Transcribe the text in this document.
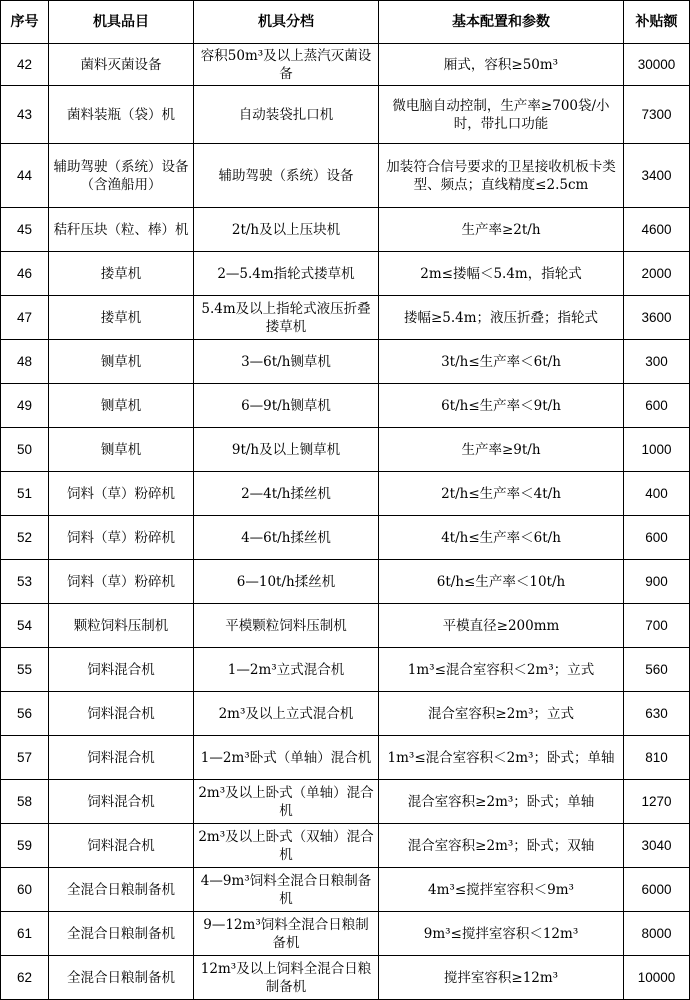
序号	机具品目	机具分档	基本配置和参数	补贴额
42	菌料灭菌设备	容积50m³及以上蒸汽灭菌设备	厢式，容积≥50m³	30000
43	菌料装瓶（袋）机	自动装袋扎口机	微电脑自动控制，生产率≥700袋/小时，带扎口功能	7300
44	辅助驾驶（系统）设备（含渔船用）	辅助驾驶（系统）设备	加装符合信号要求的卫星接收机板卡类型、频点；直线精度≤2.5cm	3400
45	秸秆压块（粒、棒）机	2t/h及以上压块机	生产率≥2t/h	4600
46	搂草机	2—5.4m指轮式搂草机	2m≤搂幅＜5.4m，指轮式	2000
47	搂草机	5.4m及以上指轮式液压折叠搂草机	搂幅≥5.4m；液压折叠；指轮式	3600
48	铡草机	3—6t/h铡草机	3t/h≤生产率＜6t/h	300
49	铡草机	6—9t/h铡草机	6t/h≤生产率＜9t/h	600
50	铡草机	9t/h及以上铡草机	生产率≥9t/h	1000
51	饲料（草）粉碎机	2—4t/h揉丝机	2t/h≤生产率＜4t/h	400
52	饲料（草）粉碎机	4—6t/h揉丝机	4t/h≤生产率＜6t/h	600
53	饲料（草）粉碎机	6—10t/h揉丝机	6t/h≤生产率＜10t/h	900
54	颗粒饲料压制机	平模颗粒饲料压制机	平模直径≥200mm	700
55	饲料混合机	1—2m³立式混合机	1m³≤混合室容积＜2m³；立式	560
56	饲料混合机	2m³及以上立式混合机	混合室容积≥2m³；立式	630
57	饲料混合机	1—2m³卧式（单轴）混合机	1m³≤混合室容积＜2m³；卧式；单轴	810
58	饲料混合机	2m³及以上卧式（单轴）混合机	混合室容积≥2m³；卧式；单轴	1270
59	饲料混合机	2m³及以上卧式（双轴）混合机	混合室容积≥2m³；卧式；双轴	3040
60	全混合日粮制备机	4—9m³饲料全混合日粮制备机	4m³≤搅拌室容积＜9m³	6000
61	全混合日粮制备机	9—12m³饲料全混合日粮制备机	9m³≤搅拌室容积＜12m³	8000
62	全混合日粮制备机	12m³及以上饲料全混合日粮制备机	搅拌室容积≥12m³	10000
